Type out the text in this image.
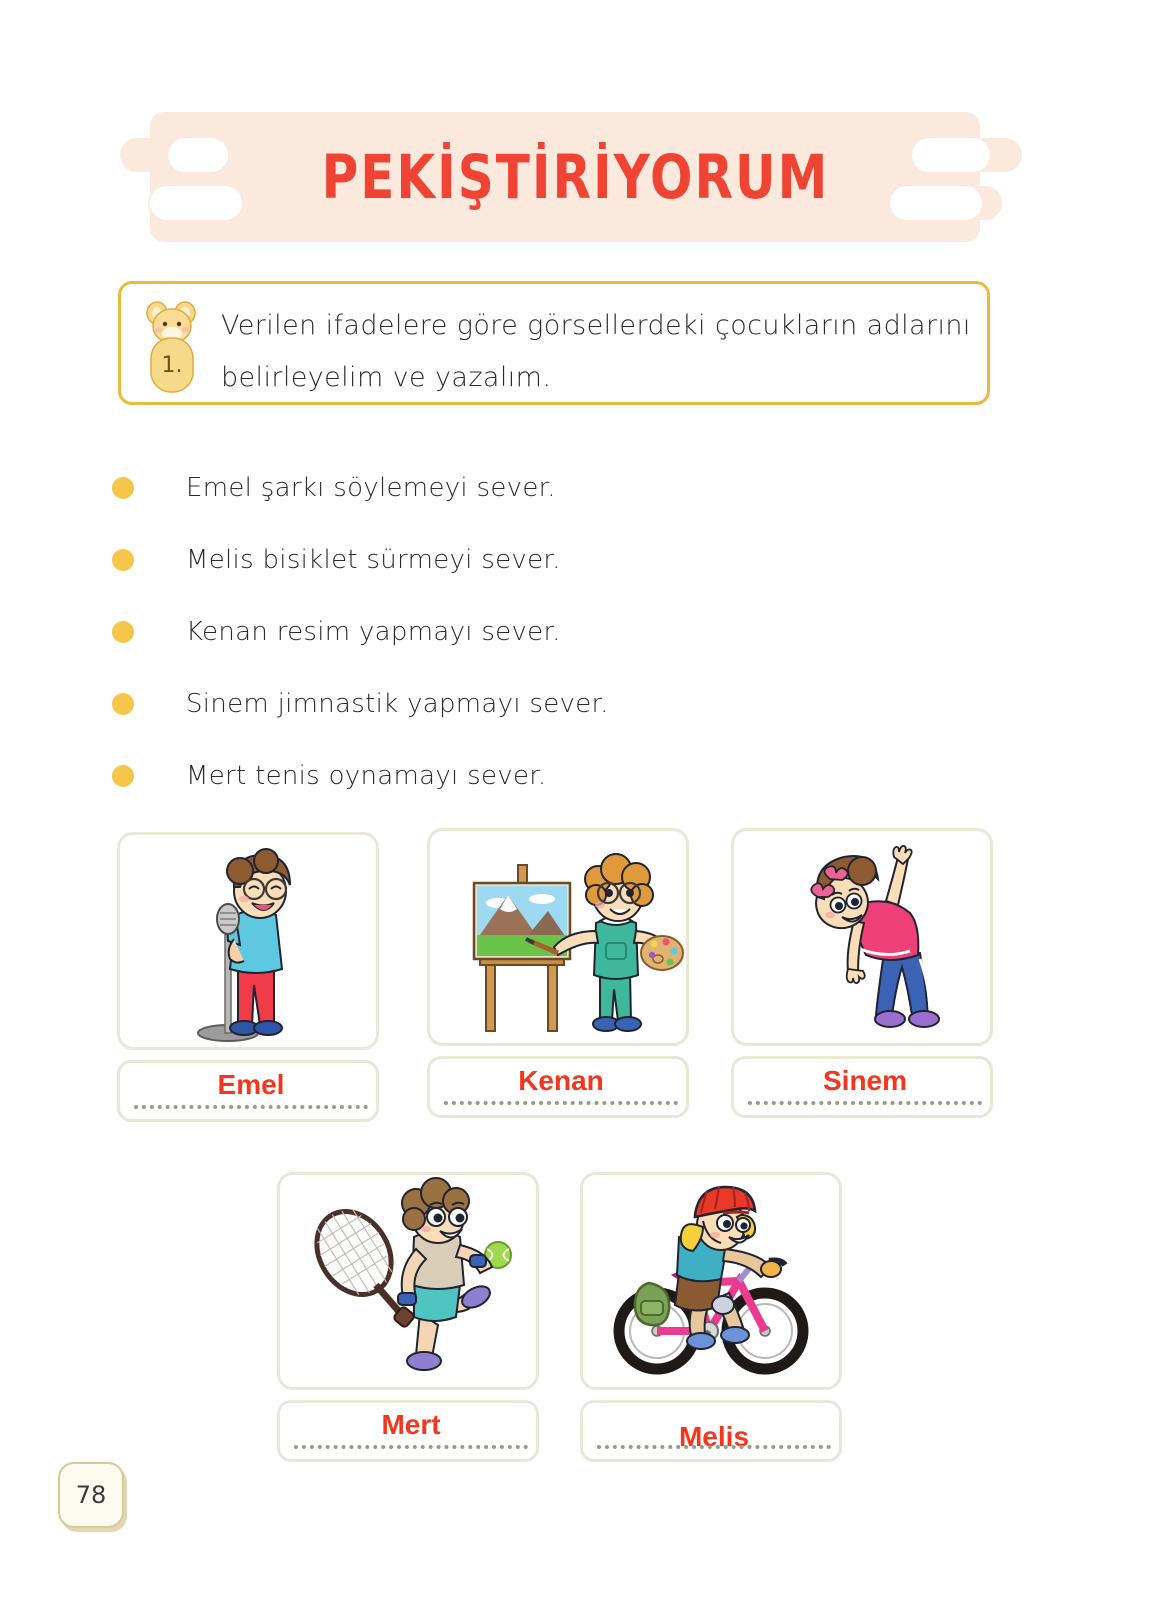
PEKİŞTİRİYORUM
1.
Verilen ifadelere göre görsellerdeki çocukların adlarını belirleyelim ve yazalım.
Emel şarkı söylemeyi sever.
Melis bisiklet sürmeyi sever.
Kenan resim yapmayı sever.
Sinem jimnastik yapmayı sever.
Mert tenis oynamayı sever.
Emel	Kenan	Sinem
Mert	Melis
78
